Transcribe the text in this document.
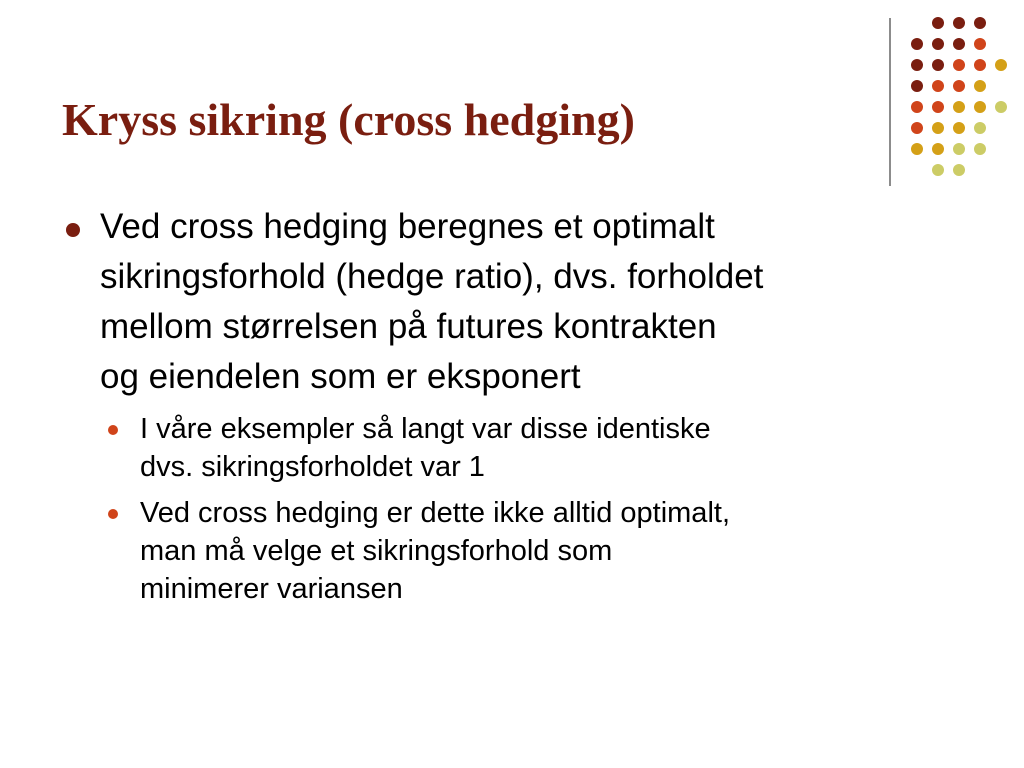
Kryss sikring (cross hedging)
Ved cross hedging beregnes et optimalt
sikringsforhold (hedge ratio), dvs. forholdet
mellom størrelsen på futures kontrakten
og eiendelen som er eksponert
I våre eksempler så langt var disse identiske
dvs. sikringsforholdet var 1
Ved cross hedging er dette ikke alltid optimalt,
man må velge et sikringsforhold som
minimerer variansen
